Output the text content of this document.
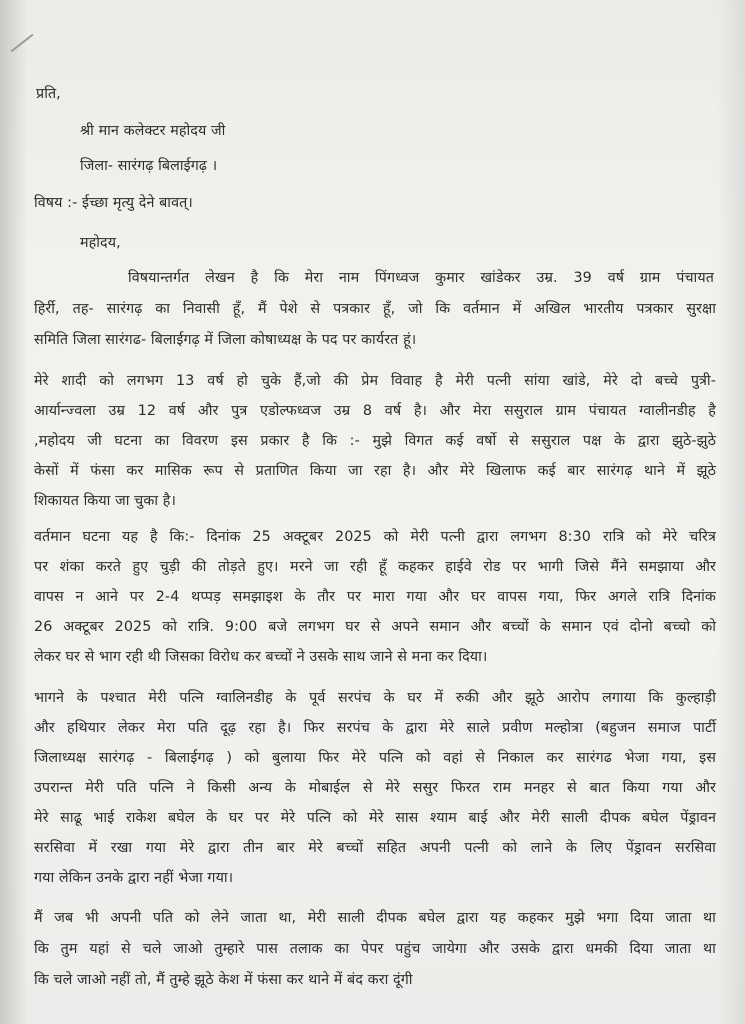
प्रति,
श्री मान कलेक्टर महोदय जी
जिला- सारंगढ़ बिलाईगढ़ ।
विषय :- ईच्छा मृत्यु देने बावत्।
महोदय,
विषयान्तर्गत लेखन है कि मेरा नाम पिंगध्वज कुमार खांडेकर उम्र. 39 वर्ष ग्राम पंचायत
हिर्री, तह- सारंगढ़ का निवासी हूँ, मैं पेशे से पत्रकार हूँ, जो कि वर्तमान में अखिल भारतीय पत्रकार सुरक्षा
समिति जिला सारंगढ- बिलाईगढ़ में जिला कोषाध्यक्ष के पद पर कार्यरत हूं।
मेरे शादी को लगभग 13 वर्ष हो चुके हैं,जो की प्रेम विवाह है मेरी पत्नी सांया खांडे, मेरे दो बच्चे पुत्री-
आर्यान्ज्वला उम्र 12 वर्ष और पुत्र एडोल्फध्वज उम्र 8 वर्ष है। और मेरा ससुराल ग्राम पंचायत ग्वालीनडीह है
,महोदय जी घटना का विवरण इस प्रकार है कि :- मुझे विगत कई वर्षो से ससुराल पक्ष के द्वारा झुठे-झुठे
केसों में फंसा कर मासिक रूप से प्रताणित किया जा रहा है। और मेरे खिलाफ कई बार सारंगढ़ थाने में झूठे
शिकायत किया जा चुका है।
वर्तमान घटना यह है कि:- दिनांक 25 अक्टूबर 2025 को मेरी पत्नी द्वारा लगभग 8:30 रात्रि को मेरे चरित्र
पर शंका करते हुए चुड़ी की तोड़ते हुए। मरने जा रही हूँ कहकर हाईवे रोड पर भागी जिसे मैंने समझाया और
वापस न आने पर 2-4 थप्पड़ समझाइश के तौर पर मारा गया और घर वापस गया, फिर अगले रात्रि दिनांक
26 अक्टूबर 2025 को रात्रि. 9:00 बजे लगभग घर से अपने समान और बच्चों के समान एवं दोनो बच्चो को
लेकर घर से भाग रही थी जिसका विरोध कर बच्चों ने उसके साथ जाने से मना कर दिया।
भागने के पश्चात मेरी पत्नि ग्वालिनडीह के पूर्व सरपंच के घर में रुकी और झूठे आरोप लगाया कि कुल्हाड़ी
और हथियार लेकर मेरा पति दूढ़ रहा है। फिर सरपंच के द्वारा मेरे साले प्रवीण मल्होत्रा (बहुजन समाज पार्टी
जिलाध्यक्ष सारंगढ़ - बिलाईगढ़ ) को बुलाया फिर मेरे पत्नि को वहां से निकाल कर सारंगढ भेजा गया, इस
उपरान्त मेरी पति पत्नि ने किसी अन्य के मोबाईल से मेरे ससुर फिरत राम मनहर से बात किया गया और
मेरे साढू भाई राकेश बघेल के घर पर मेरे पत्नि को मेरे सास श्याम बाई और मेरी साली दीपक बघेल पेंड्रावन
सरसिवा में रखा गया मेरे द्वारा तीन बार मेरे बच्चों सहित अपनी पत्नी को लाने के लिए पेंड्रावन सरसिवा
गया लेकिन उनके द्वारा नहीं भेजा गया।
मैं जब भी अपनी पति को लेने जाता था, मेरी साली दीपक बघेल द्वारा यह कहकर मुझे भगा दिया जाता था
कि तुम यहां से चले जाओ तुम्हारे पास तलाक का पेपर पहुंच जायेगा और उसके द्वारा धमकी दिया जाता था
कि चले जाओ नहीं तो, मैं तुम्हे झूठे केश में फंसा कर थाने में बंद करा दूंगी
